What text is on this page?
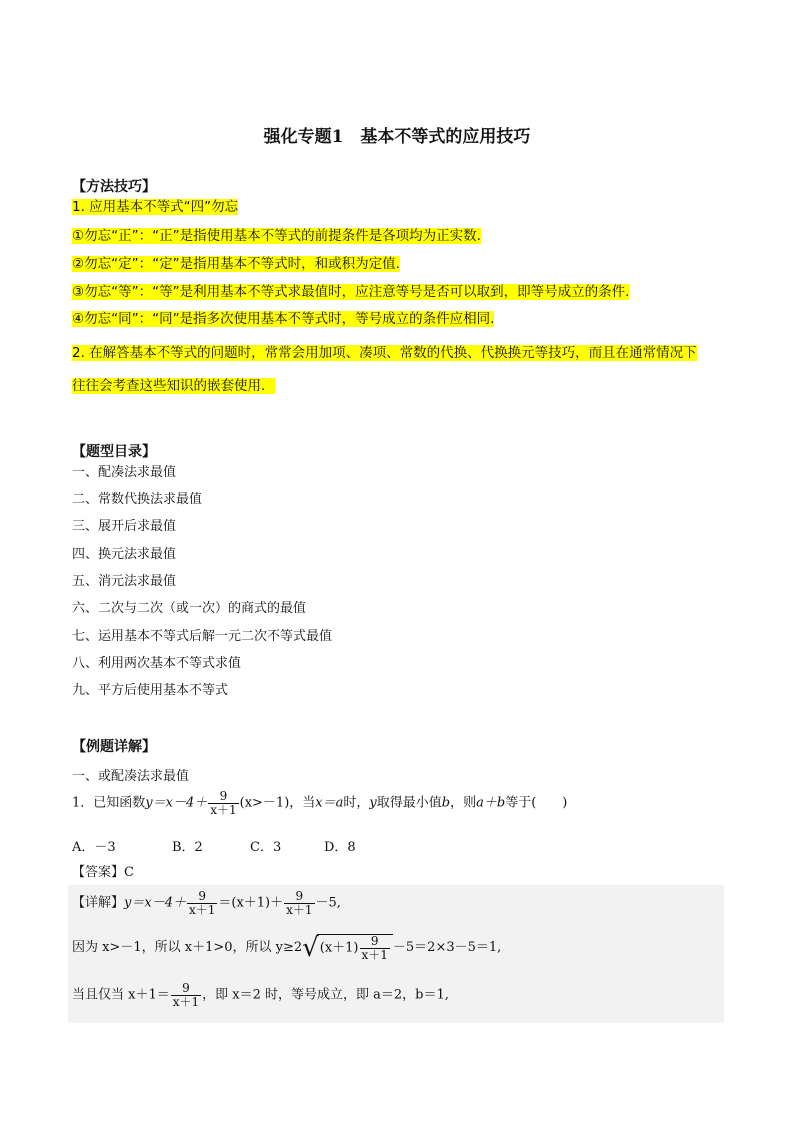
强化专题1　基本不等式的应用技巧
【方法技巧】
1. 应用基本不等式“四”勿忘
①勿忘“正”：“正”是指使用基本不等式的前提条件是各项均为正实数.
②勿忘“定”：“定”是指用基本不等式时，和或积为定值.
③勿忘“等”：“等”是利用基本不等式求最值时，应注意等号是否可以取到，即等号成立的条件.
④勿忘“同”：“同”是指多次使用基本不等式时，等号成立的条件应相同.
2. 在解答基本不等式的问题时，常常会用加项、凑项、常数的代换、代换换元等技巧，而且在通常情况下
往往会考查这些知识的嵌套使用．
【题型目录】
一、配凑法求最值
二、常数代换法求最值
三、展开后求最值
四、换元法求最值
五、消元法求最值
六、二次与二次（或一次）的商式的最值
七、运用基本不等式后解一元二次不等式最值
八、利用两次基本不等式求值
九、平方后使用基本不等式
【例题详解】
一、或配凑法求最值
1．已知函数$y=x-4+ \frac{9}{x+1} (x>-1)$，当x＝a时，y取得最小值b，则a＋b等于(　　)
A．－3	B．2	C．3	D．8
【答案】C
【详解】$y=x-4+ \frac{9}{x+1} =(x+1)+ \frac{9}{x+1} -5$,
因为 x>－1，所以 x＋1>0，所以 $y\ge 2√(x+1) \frac{9}{x+1} -5=2\times 3-5=1$,
当且仅当 $x+1= \frac{9}{x+1}$ ，即 x＝2 时，等号成立，即 a＝2，b＝1,
